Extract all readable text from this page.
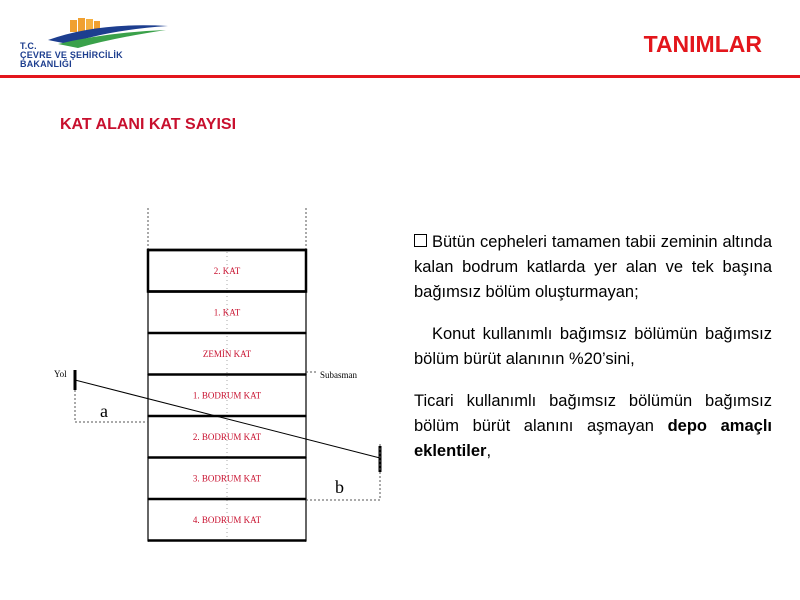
T.C.
ÇEVRE VE ŞEHİRCİLİK
BAKANLIĞI
TANIMLAR
KAT ALANI KAT SAYISI
2. KAT
1. KAT
ZEMİN KAT
1. BODRUM KAT
2. BODRUM KAT
3. BODRUM KAT
4. BODRUM KAT
Yol
a
Subasman
b
Bütün cepheleri tamamen tabii zeminin altında kalan bodrum katlarda yer alan ve tek başına bağımsız bölüm oluşturmayan;
Konut kullanımlı bağımsız bölümün bağımsız bölüm bürüt alanının %20’sini,
Ticari kullanımlı bağımsız bölümün bağımsız bölüm bürüt alanını aşmayan depo amaçlı eklentiler,
